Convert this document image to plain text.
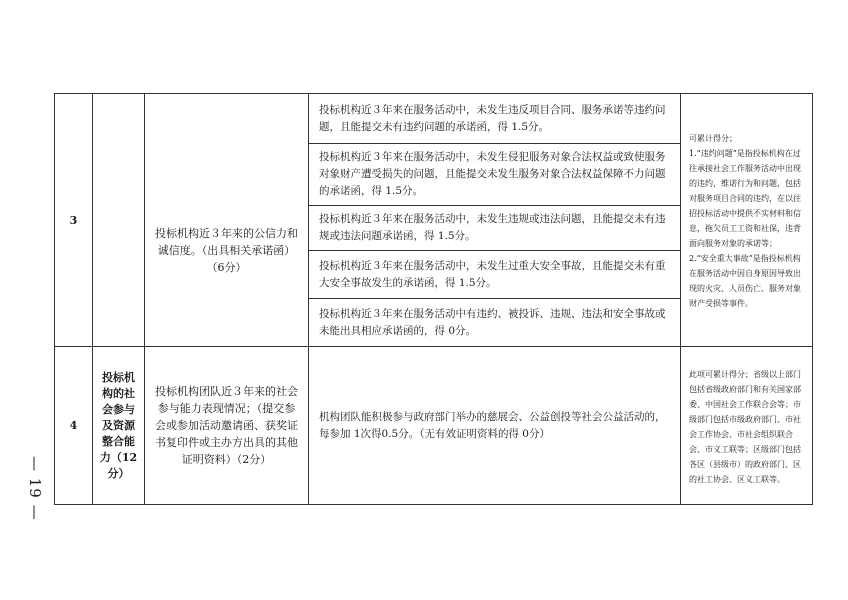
3		投标机构近３年来的公信力和诚信度。（出具相关承诺函）（6分）	投标机构近３年来在服务活动中，未发生违反项目合同、服务承诺等违约问题，且能提交未有违约问题的承诺函，得 1.5分。	可累计得分；

1.“违约问题”是指投标机构在过往承接社会工作服务活动中出现的违约，维诺行为和问题，包括对服务项目合同的违约，在以往招投标活动中提供不实材料和信息，拖欠员工工资和社保，违背面向服务对象的承诺等；

2.“安全重大事故”是指投标机构在服务活动中因自身原因导致出现的火灾、人员伤亡、服务对象财产受损等事件。

			投标机构近３年来在服务活动中，未发生侵犯服务对象合法权益或致使服务对象财产遭受损失的问题，且能提交未发生服务对象合法权益保障不力问题的承诺函，得 1.5分。	

			投标机构近３年来在服务活动中，未发生违规或违法问题，且能提交未有违规或违法问题承诺函，得 1.5分。	

			投标机构近３年来在服务活动中，未发生过重大安全事故，且能提交未有重大安全事故发生的承诺函，得 1.5分。	

			投标机构近３年来在服务活动中有违约、被投诉、违规、违法和安全事故或未能出具相应承诺函的，得 0分。	

4	投标机构的社会参与及资源整合能力（12分）	投标机构团队近３年来的社会参与能力表现情况；（提交参会或参加活动邀请函、获奖证书复印件或主办方出具的其他证明资料）（2分）	机构团队能积极参与政府部门举办的慈展会、公益创投等社会公益活动的，每参加 1次得0.5分。（无有效证明资料的得 0分）	此项可累计得分；省级以上部门包括省级政府部门和有关国家部委、中国社会工作联合会等；市级部门包括市级政府部门、市社会工作协会、市社会组织联合会、市义工联等；区级部门包括各区（县级市）的政府部门、区的社工协会、区义工联等。
— 19 —
